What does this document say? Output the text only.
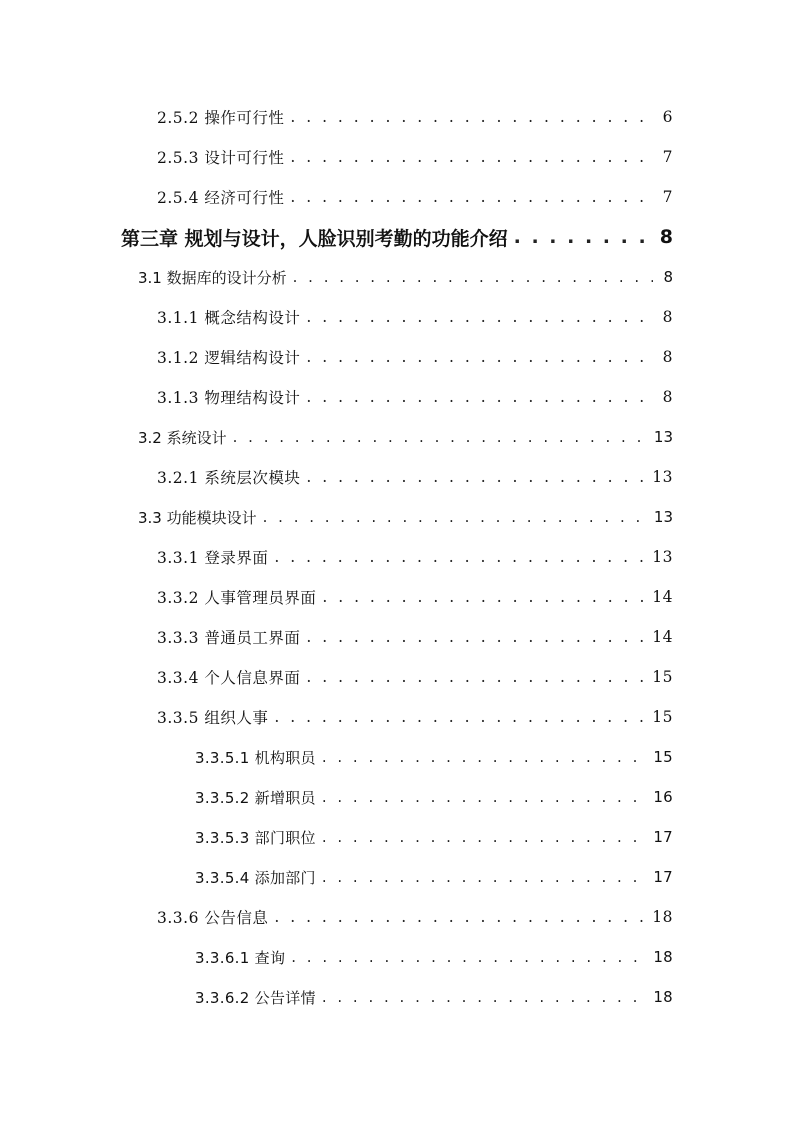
2.5.2 操作可行性 . . .	6
2.5.3 设计可行性 . . .	7
2.5.4 经济可行性 . . .	7
第三章 规划与设计，人脸识别考勤的功能介绍 . . .	8
3.1 数据库的设计分析 . . .	8
3.1.1 概念结构设计 . . .	8
3.1.2 逻辑结构设计 . . .	8
3.1.3 物理结构设计 . . .	8
3.2 系统设计 . . .	13
3.2.1 系统层次模块 . . .	13
3.3 功能模块设计 . . .	13
3.3.1 登录界面 . . .	13
3.3.2 人事管理员界面 . . .	14
3.3.3 普通员工界面 . . .	14
3.3.4 个人信息界面 . . .	15
3.3.5 组织人事 . . .	15
3.3.5.1 机构职员 . . .	15
3.3.5.2 新增职员 . . .	16
3.3.5.3 部门职位 . . .	17
3.3.5.4 添加部门 . . .	17
3.3.6 公告信息 . . .	18
3.3.6.1 查询 . . .	18
3.3.6.2 公告详情 . . .	18
